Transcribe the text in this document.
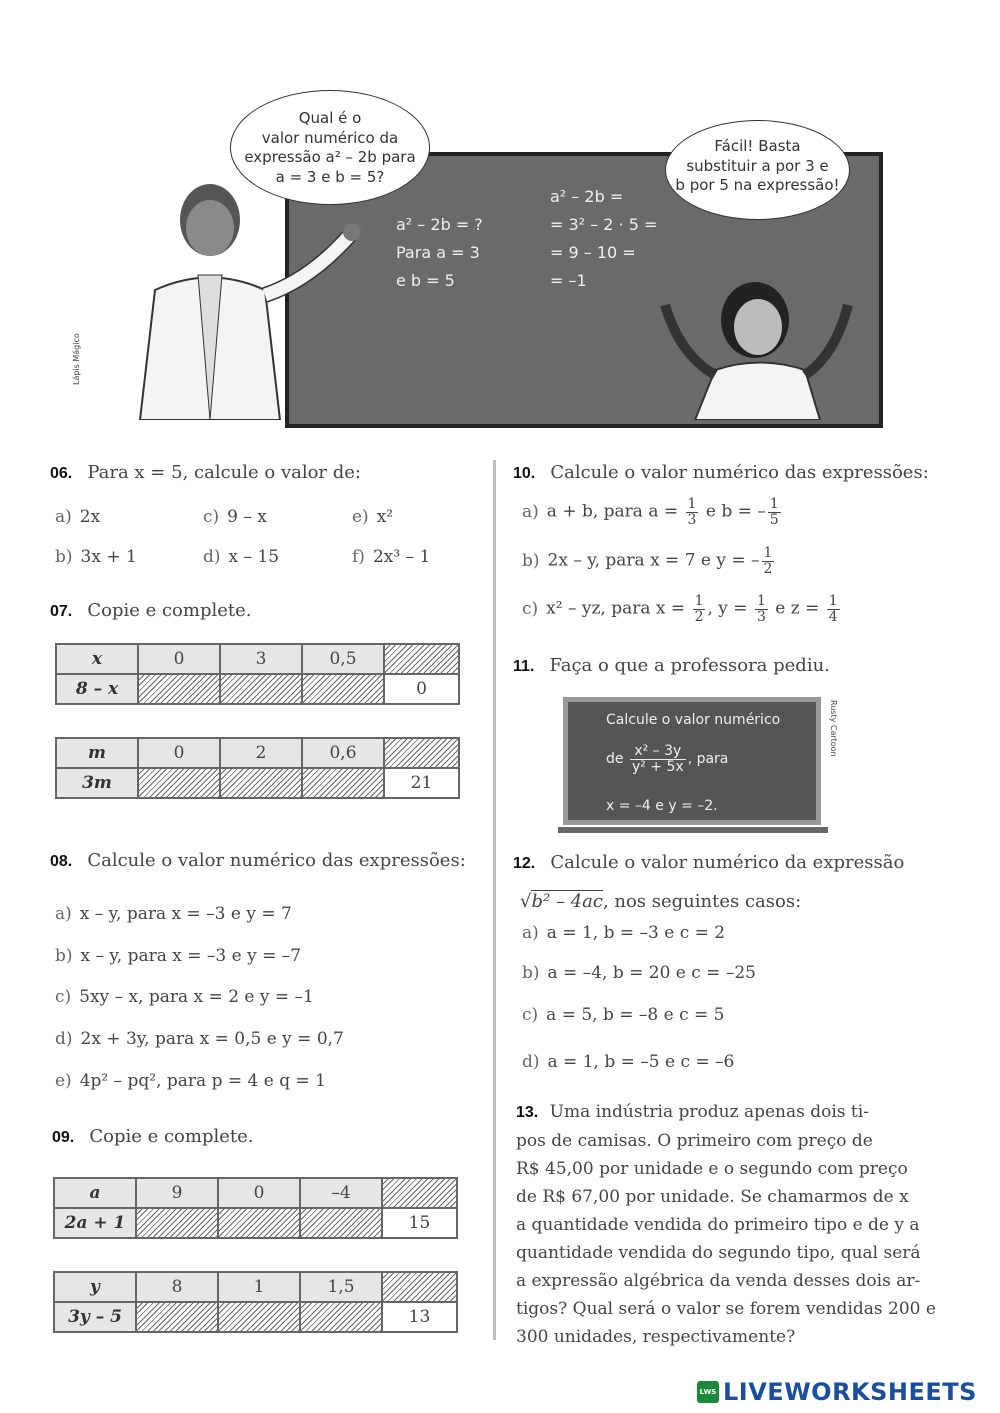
a² – 2b = ?
Para a = 3
e b = 5
a² – 2b =
= 3² – 2 · 5 =
= 9 – 10 =
= –1
Lápis Mágico
Qual é o
valor numérico da
expressão a² – 2b para
a = 3 e b = 5?
Fácil! Basta
substituir a por 3 e
b por 5 na expressão!
06. Para x = 5, calcule o valor de:
a) 2x
b) 3x + 1
c) 9 – x
d) x – 15
e) x²
f) 2x³ – 1
07. Copie e complete.
x	0	3	0,5	
8 – x				0
m	0	2	0,6	
3m				21
08. Calcule o valor numérico das expressões:
a) x – y, para x = –3 e y = 7
b) x – y, para x = –3 e y = –7
c) 5xy – x, para x = 2 e y = –1
d) 2x + 3y, para x = 0,5 e y = 0,7
e) 4p² – pq², para p = 4 e q = 1
09. Copie e complete.
a	9	0	–4	
2a + 1				15
y	8	1	1,5	
3y – 5				13
10. Calcule o valor numérico das expressões:
a) a + b, para $a = \frac{1}{3}$ e b = – $\frac{1}{5}$
b) 2x – y, para x = 7 e y = – $\frac{1}{2}$
c) x² – yz, para $x = \frac{1}{2}$ , $y = \frac{1}{3}$ e $z = \frac{1}{4}$
11. Faça o que a professora pediu.
Calcule o valor numérico
de $\frac{\text{x² – 3y}}{\text{y² + 5x}}$ , para
x = –4 e y = –2.
Rusty Cartoon
12. Calcule o valor numérico da expressão
√b² – 4ac, nos seguintes casos:
a) a = 1, b = –3 e c = 2
b) a = –4, b = 20 e c = –25
c) a = 5, b = –8 e c = 5
d) a = 1, b = –5 e c = –6
13. Uma indústria produz apenas dois ti-
pos de camisas. O primeiro com preço de
R$ 45,00 por unidade e o segundo com preço
de R$ 67,00 por unidade. Se chamarmos de x
a quantidade vendida do primeiro tipo e de y a
quantidade vendida do segundo tipo, qual será
a expressão algébrica da venda desses dois ar-
tigos? Qual será o valor se forem vendidas 200 e
300 unidades, respectivamente?
LWS LIVEWORKSHEETS
